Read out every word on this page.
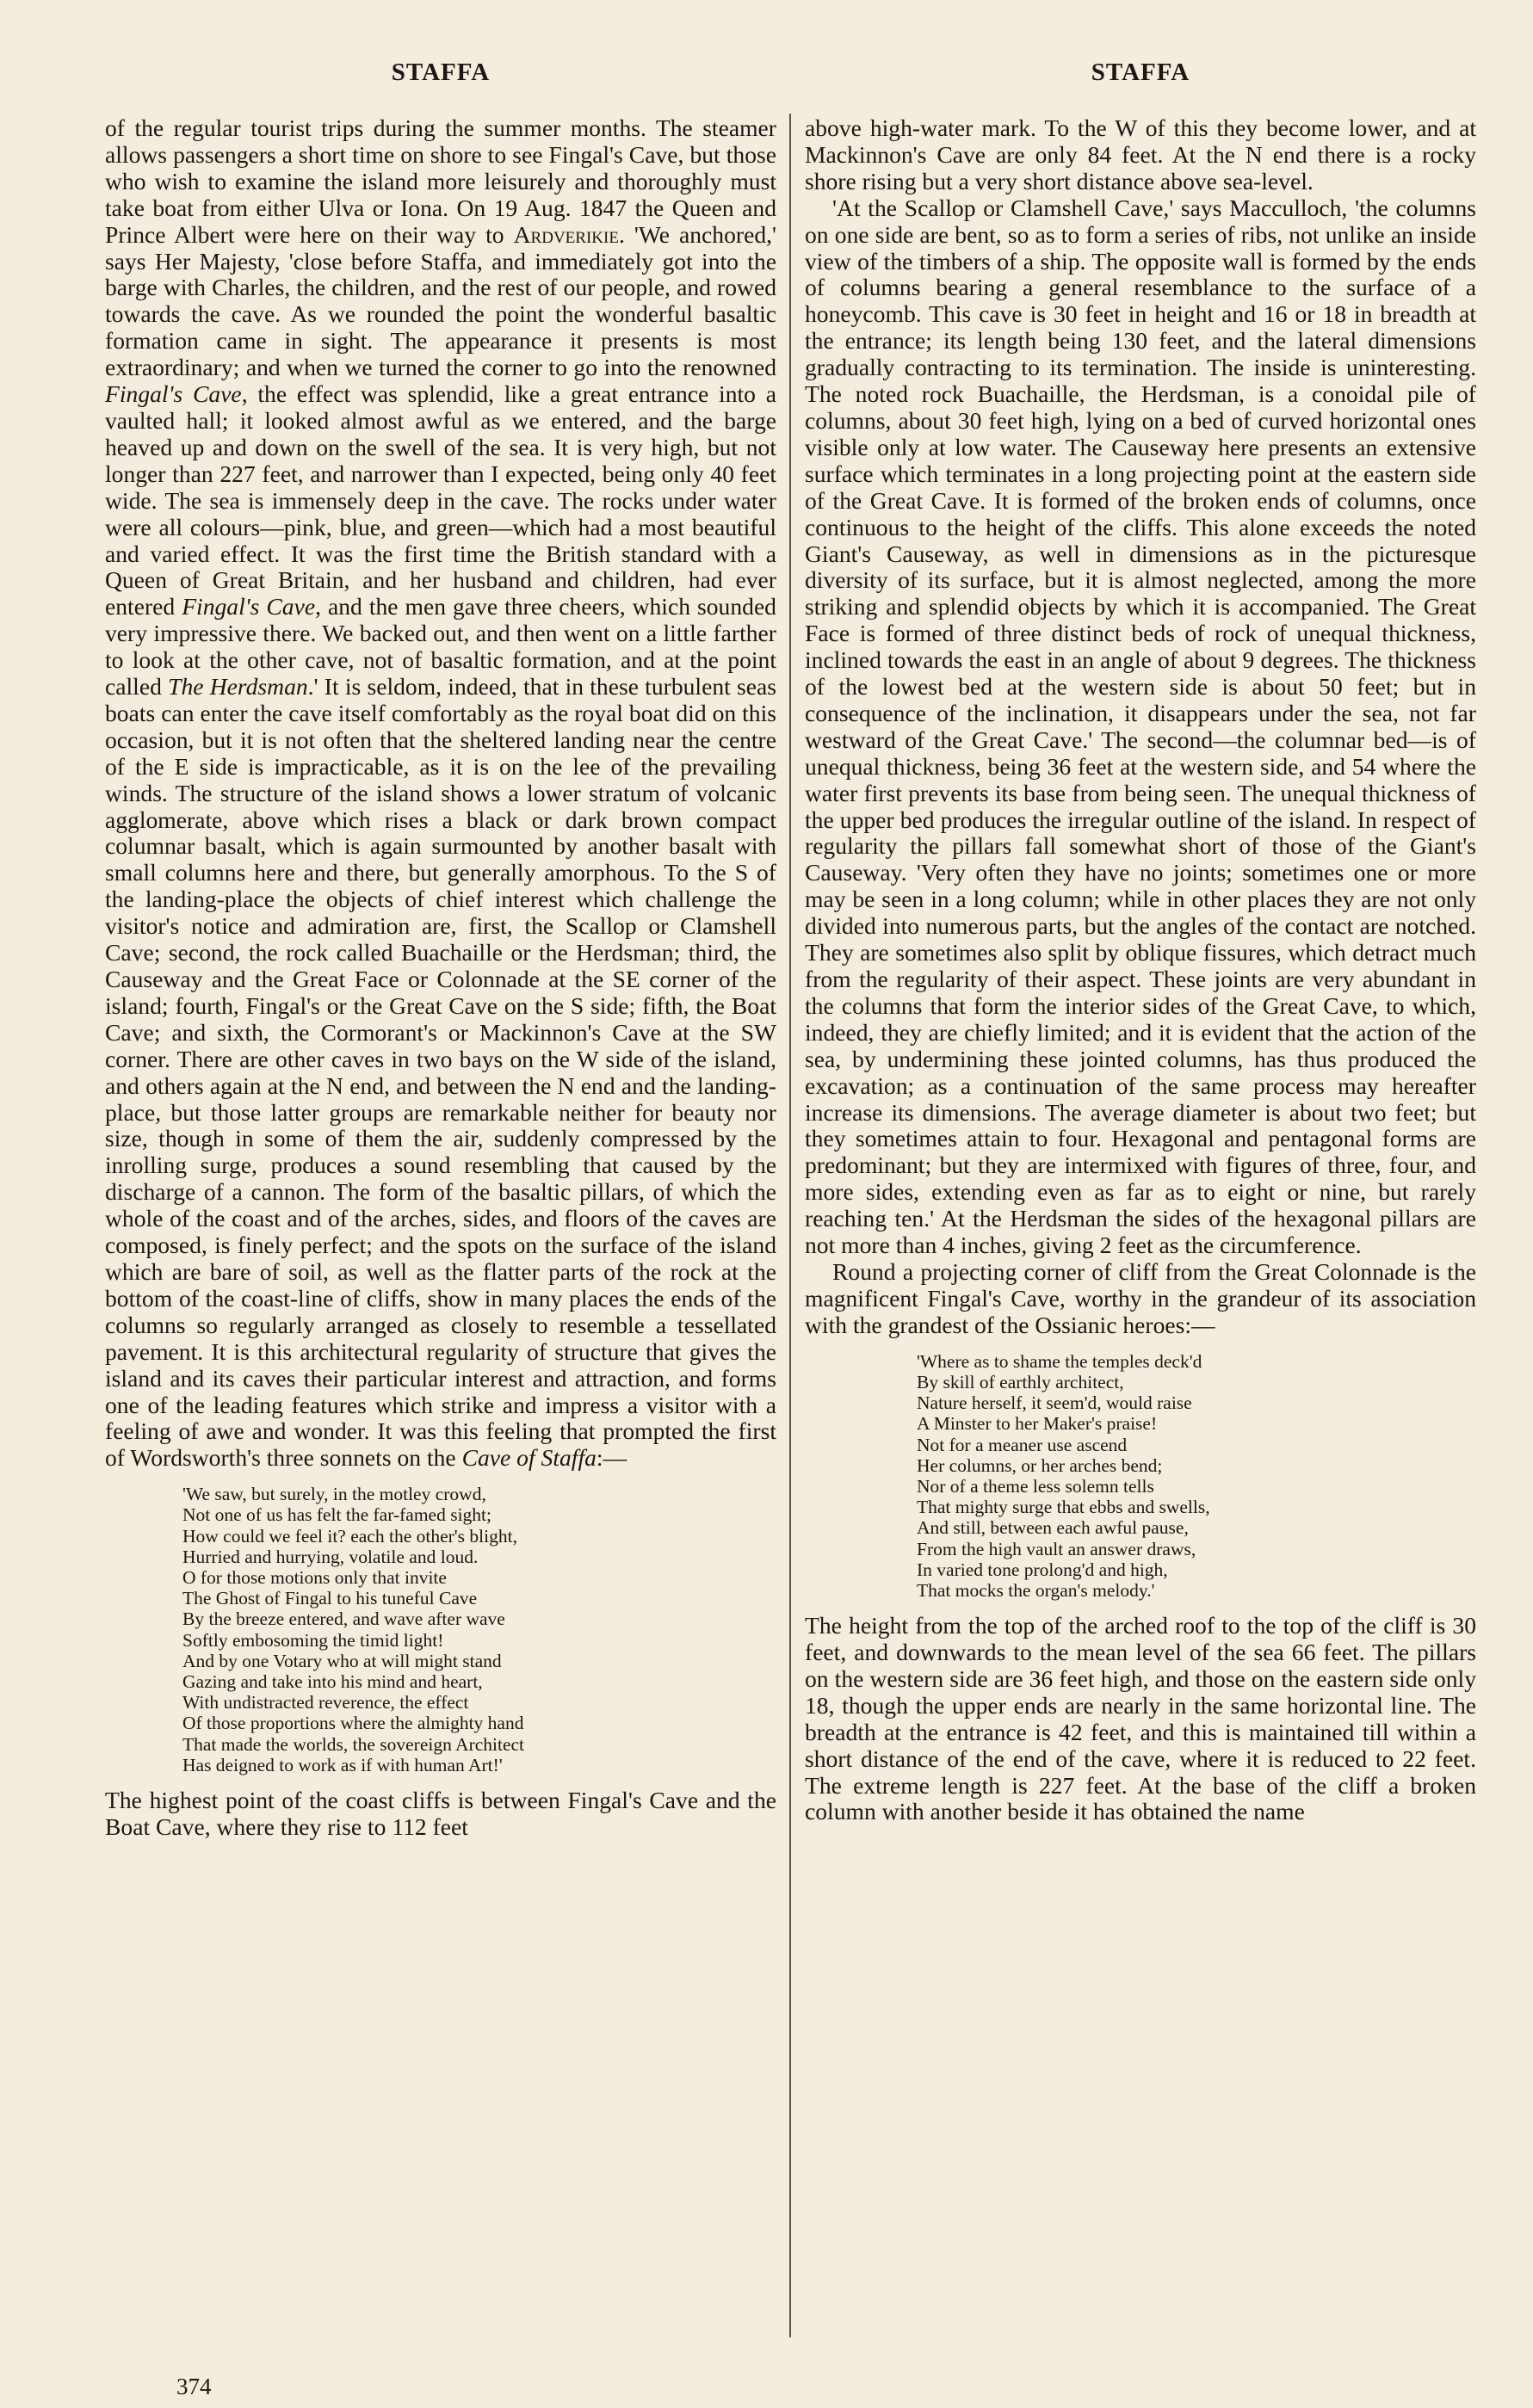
STAFFA	STAFFA

of the regular tourist trips during the summer months. The steamer allows passengers a short time on shore to see Fingal's Cave, but those who wish to examine the island more leisurely and thoroughly must take boat from either Ulva or Iona. On 19 Aug. 1847 the Queen and Prince Albert were here on their way to Ardverikie. 'We anchored,' says Her Majesty, 'close before Staffa, and immediately got into the barge with Charles, the children, and the rest of our people, and rowed towards the cave. As we rounded the point the wonderful basaltic formation came in sight. The appearance it presents is most extraordinary; and when we turned the corner to go into the renowned Fingal's Cave, the effect was splendid, like a great entrance into a vaulted hall; it looked almost awful as we entered, and the barge heaved up and down on the swell of the sea. It is very high, but not longer than 227 feet, and narrower than I expected, being only 40 feet wide. The sea is immensely deep in the cave. The rocks under water were all colours—pink, blue, and green—which had a most beautiful and varied effect. It was the first time the British standard with a Queen of Great Britain, and her husband and children, had ever entered Fingal's Cave, and the men gave three cheers, which sounded very impressive there. We backed out, and then went on a little farther to look at the other cave, not of basaltic formation, and at the point called The Herdsman.' It is seldom, indeed, that in these turbulent seas boats can enter the cave itself comfortably as the royal boat did on this occasion, but it is not often that the sheltered landing near the centre of the E side is impracticable, as it is on the lee of the prevailing winds. The structure of the island shows a lower stratum of volcanic agglomerate, above which rises a black or dark brown compact columnar basalt, which is again surmounted by another basalt with small columns here and there, but generally amorphous. To the S of the landing-place the objects of chief interest which challenge the visitor's notice and admiration are, first, the Scallop or Clamshell Cave; second, the rock called Buachaille or the Herdsman; third, the Causeway and the Great Face or Colonnade at the SE corner of the island; fourth, Fingal's or the Great Cave on the S side; fifth, the Boat Cave; and sixth, the Cormorant's or Mackinnon's Cave at the SW corner. There are other caves in two bays on the W side of the island, and others again at the N end, and between the N end and the landing-place, but those latter groups are remarkable neither for beauty nor size, though in some of them the air, suddenly compressed by the inrolling surge, produces a sound resembling that caused by the discharge of a cannon. The form of the basaltic pillars, of which the whole of the coast and of the arches, sides, and floors of the caves are composed, is finely perfect; and the spots on the surface of the island which are bare of soil, as well as the flatter parts of the rock at the bottom of the coast-line of cliffs, show in many places the ends of the columns so regularly arranged as closely to resemble a tessellated pavement. It is this architectural regularity of structure that gives the island and its caves their particular interest and attraction, and forms one of the leading features which strike and impress a visitor with a feeling of awe and wonder. It was this feeling that prompted the first of Wordsworth's three sonnets on the Cave of Staffa:—

'We saw, but surely, in the motley crowd,
Not one of us has felt the far-famed sight;
How could we feel it? each the other's blight,
Hurried and hurrying, volatile and loud.
O for those motions only that invite
The Ghost of Fingal to his tuneful Cave
By the breeze entered, and wave after wave
Softly embosoming the timid light!
And by one Votary who at will might stand
Gazing and take into his mind and heart,
With undistracted reverence, the effect
Of those proportions where the almighty hand
That made the worlds, the sovereign Architect
Has deigned to work as if with human Art!'

The highest point of the coast cliffs is between Fingal's Cave and the Boat Cave, where they rise to 112 feet

above high-water mark. To the W of this they become lower, and at Mackinnon's Cave are only 84 feet. At the N end there is a rocky shore rising but a very short distance above sea-level.

'At the Scallop or Clamshell Cave,' says Macculloch, 'the columns on one side are bent, so as to form a series of ribs, not unlike an inside view of the timbers of a ship. The opposite wall is formed by the ends of columns bearing a general resemblance to the surface of a honeycomb. This cave is 30 feet in height and 16 or 18 in breadth at the entrance; its length being 130 feet, and the lateral dimensions gradually contracting to its termination. The inside is uninteresting. The noted rock Buachaille, the Herdsman, is a conoidal pile of columns, about 30 feet high, lying on a bed of curved horizontal ones visible only at low water. The Causeway here presents an extensive surface which terminates in a long projecting point at the eastern side of the Great Cave. It is formed of the broken ends of columns, once continuous to the height of the cliffs. This alone exceeds the noted Giant's Causeway, as well in dimensions as in the picturesque diversity of its surface, but it is almost neglected, among the more striking and splendid objects by which it is accompanied. The Great Face is formed of three distinct beds of rock of unequal thickness, inclined towards the east in an angle of about 9 degrees. The thickness of the lowest bed at the western side is about 50 feet; but in consequence of the inclination, it disappears under the sea, not far westward of the Great Cave.' The second—the columnar bed—is of unequal thickness, being 36 feet at the western side, and 54 where the water first prevents its base from being seen. The unequal thickness of the upper bed produces the irregular outline of the island. In respect of regularity the pillars fall somewhat short of those of the Giant's Causeway. 'Very often they have no joints; sometimes one or more may be seen in a long column; while in other places they are not only divided into numerous parts, but the angles of the contact are notched. They are sometimes also split by oblique fissures, which detract much from the regularity of their aspect. These joints are very abundant in the columns that form the interior sides of the Great Cave, to which, indeed, they are chiefly limited; and it is evident that the action of the sea, by undermining these jointed columns, has thus produced the excavation; as a continuation of the same process may hereafter increase its dimensions. The average diameter is about two feet; but they sometimes attain to four. Hexagonal and pentagonal forms are predominant; but they are intermixed with figures of three, four, and more sides, extending even as far as to eight or nine, but rarely reaching ten.' At the Herdsman the sides of the hexagonal pillars are not more than 4 inches, giving 2 feet as the circumference.

Round a projecting corner of cliff from the Great Colonnade is the magnificent Fingal's Cave, worthy in the grandeur of its association with the grandest of the Ossianic heroes:—

'Where as to shame the temples deck'd
By skill of earthly architect,
Nature herself, it seem'd, would raise
A Minster to her Maker's praise!
Not for a meaner use ascend
Her columns, or her arches bend;
Nor of a theme less solemn tells
That mighty surge that ebbs and swells,
And still, between each awful pause,
From the high vault an answer draws,
In varied tone prolong'd and high,
That mocks the organ's melody.'

The height from the top of the arched roof to the top of the cliff is 30 feet, and downwards to the mean level of the sea 66 feet. The pillars on the western side are 36 feet high, and those on the eastern side only 18, though the upper ends are nearly in the same horizontal line. The breadth at the entrance is 42 feet, and this is maintained till within a short distance of the end of the cave, where it is reduced to 22 feet. The extreme length is 227 feet. At the base of the cliff a broken column with another beside it has obtained the name

374
